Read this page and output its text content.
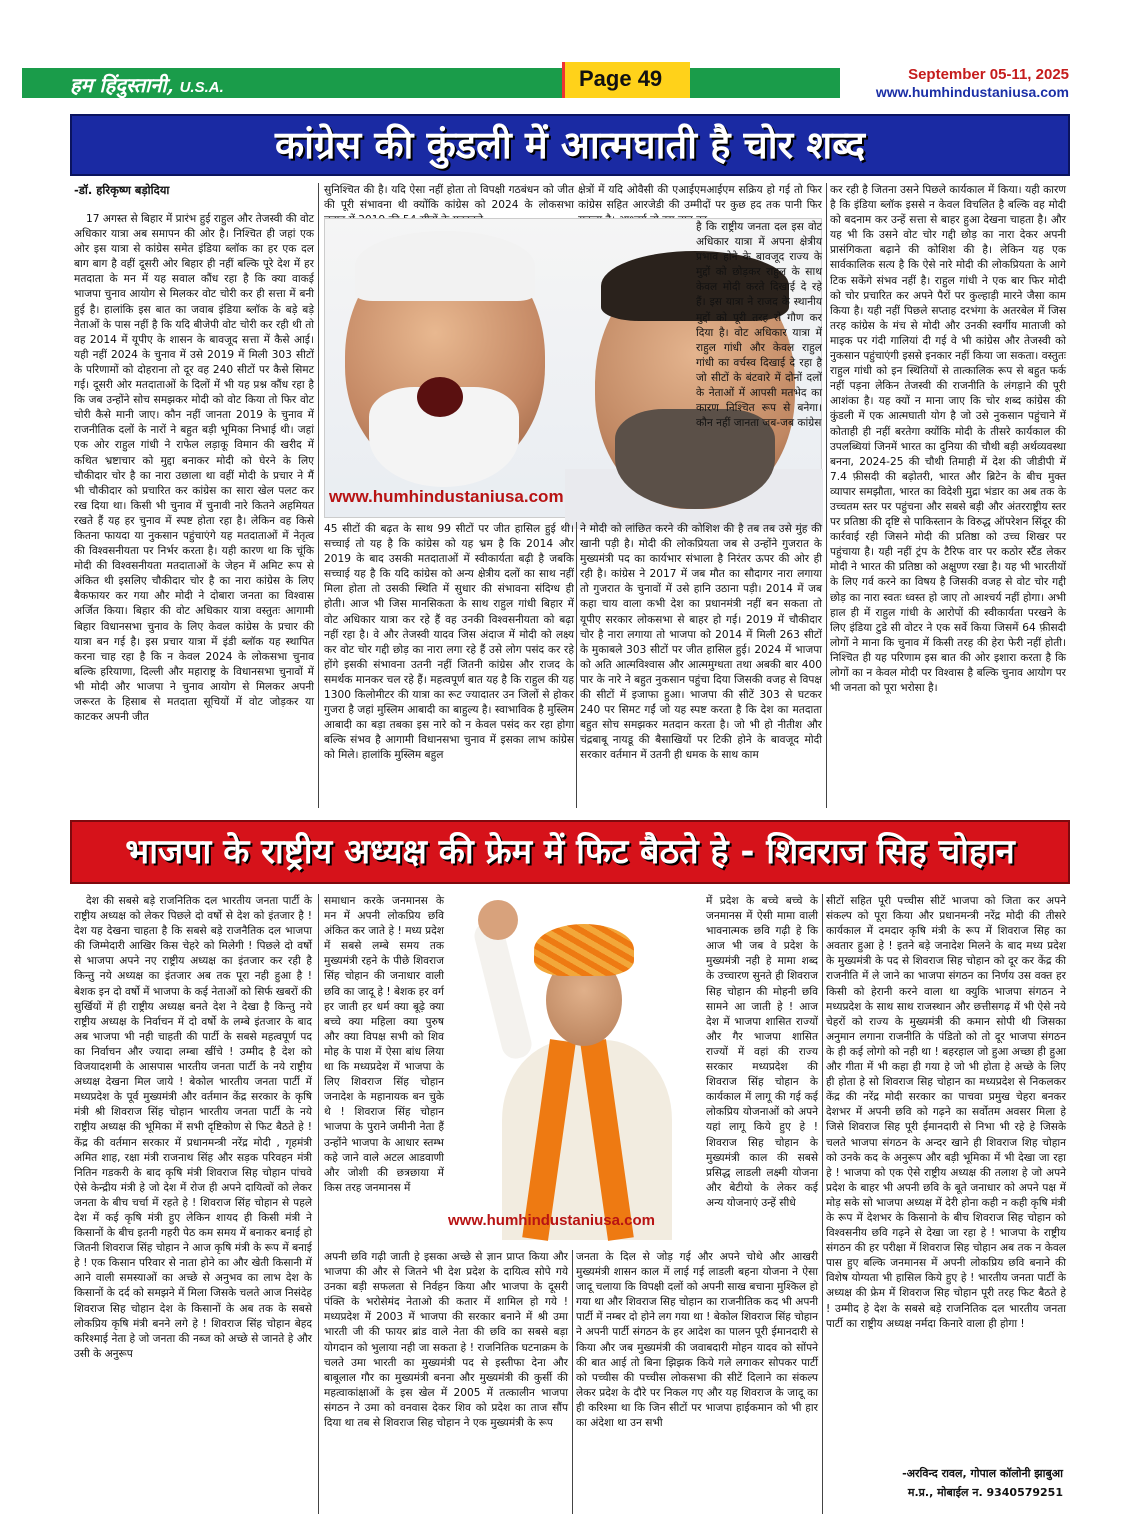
हम हिंदुस्तानी, U.S.A.	Page 49	September 05-11, 2025
www.humhindustaniusa.com
कांग्रेस की कुंडली में आत्मघाती है चोर शब्द
-डॉ. हरिकृष्ण बड़ोदिया

17 अगस्त से बिहार में प्रारंभ हुई राहुल और तेजस्वी की वोट अधिकार यात्रा अब समापन की ओर है। निश्चित ही जहां एक ओर इस यात्रा से कांग्रेस समेत इंडिया ब्लॉक का हर एक दल बाग बाग है वहीं दूसरी ओर बिहार ही नहीं बल्कि पूरे देश में हर मतदाता के मन में यह सवाल कौंध रहा है कि क्या वाकई भाजपा चुनाव आयोग से मिलकर वोट चोरी कर ही सत्ता में बनी हुई है। हालांकि इस बात का जवाब इंडिया ब्लॉक के बड़े बड़े नेताओं के पास नहीं है कि यदि बीजेपी वोट चोरी कर रही थी तो वह 2014 में यूपीए के शासन के बावजूद सत्ता में कैसे आई। यही नहीं 2024 के चुनाव में उसे 2019 में मिली 303 सीटों के परिणामों को दोहराना तो दूर वह 240 सीटों पर कैसे सिमट गई। दूसरी ओर मतदाताओं के दिलों में भी यह प्रश्न कौंध रहा है कि जब उन्होंने सोच समझकर मोदी को वोट किया तो फिर वोट चोरी कैसे मानी जाए। कौन नहीं जानता 2019 के चुनाव में राजनीतिक दलों के नारों ने बहुत बड़ी भूमिका निभाई थी। जहां एक ओर राहुल गांधी ने राफेल लड़ाकू विमान की खरीद में कथित भ्रष्टाचार को मुद्दा बनाकर मोदी को घेरने के लिए चौकीदार चोर है का नारा उछाला था वहीं मोदी के प्रचार ने मैं भी चौकीदार को प्रचारित कर कांग्रेस का सारा खेल पलट कर रख दिया था। किसी भी चुनाव में चुनावी नारे कितने अहमियत रखते हैं यह हर चुनाव में स्पष्ट होता रहा है। लेकिन वह किसे कितना फायदा या नुकसान पहुंचाएंगे यह मतदाताओं में नेतृत्व की विश्वसनीयता पर निर्भर करता है। यही कारण था कि चूंकि मोदी की विश्वसनीयता मतदाताओं के जेहन में अमिट रूप से अंकित थी इसलिए चौकीदार चोर है का नारा कांग्रेस के लिए बैकफायर कर गया और मोदी ने दोबारा जनता का विश्वास अर्जित किया। बिहार की वोट अधिकार यात्रा वस्तुतः आगामी बिहार विधानसभा चुनाव के लिए केवल कांग्रेस के प्रचार की यात्रा बन गई है। इस प्रचार यात्रा में इंडी ब्लॉक यह स्थापित करना चाह रहा है कि न केवल 2024 के लोकसभा चुनाव बल्कि हरियाणा, दिल्ली और महाराष्ट्र के विधानसभा चुनावों में भी मोदी और भाजपा ने चुनाव आयोग से मिलकर अपनी जरूरत के हिसाब से मतदाता सूचियों में वोट जोड़कर या काटकर अपनी जीत

सुनिश्चित की है। यदि ऐसा नहीं होता तो विपक्षी गठबंधन को जीत की पूरी संभावना थी क्योंकि कांग्रेस को 2024 के लोकसभा

क्षेत्रों में यदि ओवैसी की एआईएमआईएम सक्रिय हो गई तो फिर कांग्रेस सहित आरजेडी की उम्मीदों पर कुछ हद तक पानी फिर

www.humhindustaniusa.com

है कि राष्ट्रीय जनता दल इस वोट अधिकार यात्रा में अपना क्षेत्रीय प्रभाव होने के बावजूद राज्य के मुद्दों को छोड़कर राहुल के साथ केवल मोदी करते दिखाई दे रहे हैं। इस यात्रा ने राजद के स्थानीय मुद्दों को पूरी तरह से गौण कर दिया है। वोट अधिकार यात्रा में राहुल गांधी और केवल राहुल गांधी का वर्चस्व दिखाई दे रहा है जो सीटों के बंटवारे में दोनों दलों के नेताओं में आपसी मतभेद का कारण निश्चित रूप से बनेगा। कौन नहीं जानता जब-जब कांग्रेस

45 सीटों की बढ़त के साथ 99 सीटों पर जीत हासिल हुई थी। सच्चाई तो यह है कि कांग्रेस को यह भ्रम है कि 2014 और 2019 के बाद उसकी मतदाताओं में स्वीकार्यता बढ़ी है जबकि सच्चाई यह है कि यदि कांग्रेस को अन्य क्षेत्रीय दलों का साथ नहीं मिला होता तो उसकी स्थिति में सुधार की संभावना संदिग्ध ही होती। आज भी जिस मानसिकता के साथ राहुल गांधी बिहार में वोट अधिकार यात्रा कर रहे हैं वह उनकी विश्वसनीयता को बढ़ा नहीं रहा है। वे और तेजस्वी यादव जिस अंदाज में मोदी को लक्ष्य कर वोट चोर गद्दी छोड़ का नारा लगा रहे हैं उसे लोग पसंद कर रहे होंगे इसकी संभावना उतनी नहीं जितनी कांग्रेस और राजद के समर्थक मानकर चल रहे हैं। महत्वपूर्ण बात यह है कि राहुल की यह 1300 किलोमीटर की यात्रा का रूट ज्यादातर उन जिलों से होकर गुजरा है जहां मुस्लिम आबादी का बाहुल्य है। स्वाभाविक है मुस्लिम आबादी का बड़ा तबका इस नारे को न केवल पसंद कर रहा होगा बल्कि संभव है आगामी विधानसभा चुनाव में इसका लाभ कांग्रेस को मिले। हालांकि मुस्लिम बहुल

ने मोदी को लांछित करने की कोशिश की है तब तब उसे मुंह की खानी पड़ी है। मोदी की लोकप्रियता जब से उन्होंने गुजरात के मुख्यमंत्री पद का कार्यभार संभाला है निरंतर ऊपर की ओर ही रही है। कांग्रेस ने 2017 में जब मौत का सौदागर नारा लगाया तो गुजरात के चुनावों में उसे हानि उठाना पड़ी। 2014 में जब कहा चाय वाला कभी देश का प्रधानमंत्री नहीं बन सकता तो यूपीए सरकार लोकसभा से बाहर हो गई। 2019 में चौकीदार चोर है नारा लगाया तो भाजपा को 2014 में मिली 263 सीटों के मुकाबले 303 सीटों पर जीत हासिल हुई। 2024 में भाजपा को अति आत्मविश्वास और आत्ममुग्धता तथा अबकी बार 400 पार के नारे ने बहुत नुकसान पहुंचा दिया जिसकी वजह से विपक्ष की सीटों में इजाफा हुआ। भाजपा की सीटें 303 से घटकर 240 पर सिमट गईं जो यह स्पष्ट करता है कि देश का मतदाता बहुत सोच समझकर मतदान करता है। जो भी हो नीतीश और चंद्रबाबू नायडू की बैसाखियों पर टिकी होने के बावजूद मोदी सरकार वर्तमान में उतनी ही धमक के साथ काम

कर रही है जितना उसने पिछले कार्यकाल में किया। यही कारण है कि इंडिया ब्लॉक इससे न केवल विचलित है बल्कि वह मोदी को बदनाम कर उन्हें सत्ता से बाहर हुआ देखना चाहता है। और यह भी कि उसने वोट चोर गद्दी छोड़ का नारा देकर अपनी प्रासंगिकता बढ़ाने की कोशिश की है। लेकिन यह एक सार्वकालिक सत्य है कि ऐसे नारे मोदी की लोकप्रियता के आगे टिक सकेंगे संभव नहीं है। राहुल गांधी ने एक बार फिर मोदी को चोर प्रचारित कर अपने पैरों पर कुल्हाड़ी मारने जैसा काम किया है। यही नहीं पिछले सप्ताह दरभंगा के अतरबेल में जिस तरह कांग्रेस के मंच से मोदी और उनकी स्वर्गीय माताजी को माइक पर गंदी गालियां दी गई वे भी कांग्रेस और तेजस्वी को नुकसान पहुंचाएंगी इससे इनकार नहीं किया जा सकता। वस्तुतः राहुल गांधी को इन स्थितियों से तात्कालिक रूप से बहुत फर्क नहीं पड़ना लेकिन तेजस्वी की राजनीति के लंगड़ाने की पूरी आशंका है। यह क्यों न माना जाए कि चोर शब्द कांग्रेस की कुंडली में एक आत्मघाती योग है जो उसे नुकसान पहुंचाने में कोताही ही नहीं बरतेगा क्योंकि मोदी के तीसरे कार्यकाल की उपलब्धियां जिनमें भारत का दुनिया की चौथी बड़ी अर्थव्यवस्था बनना, 2024-25 की चौथी तिमाही में देश की जीडीपी में 7.4 फ़ीसदी की बढ़ोतरी, भारत और ब्रिटेन के बीच मुक्त व्यापार समझौता, भारत का विदेशी मुद्रा भंडार का अब तक के उच्चतम स्तर पर पहुंचना और सबसे बड़ी और अंतरराष्ट्रीय स्तर पर प्रतिष्ठा की दृष्टि से पाकिस्तान के विरुद्ध ऑपरेशन सिंदूर की कार्रवाई रही जिसने मोदी की प्रतिष्ठा को उच्च शिखर पर पहुंचाया है। यही नहीं ट्रंप के टैरिफ वार पर कठोर स्टैंड लेकर मोदी ने भारत की प्रतिष्ठा को अक्षुण्ण रखा है। यह भी भारतीयों के लिए गर्व करने का विषय है जिसकी वजह से वोट चोर गद्दी छोड़ का नारा स्वतः ध्वस्त हो जाए तो आश्चर्य नहीं होगा। अभी हाल ही में राहुल गांधी के आरोपों की स्वीकार्यता परखने के लिए इंडिया टुडे सी वोटर ने एक सर्वे किया जिसमें 64 फ़ीसदी लोगों ने माना कि चुनाव में किसी तरह की हेरा फेरी नहीं होती। निश्चित ही यह परिणाम इस बात की ओर इशारा करता है कि लोगों का न केवल मोदी पर विश्वास है बल्कि चुनाव आयोग पर भी जनता को पूरा भरोसा है।

भाजपा के राष्ट्रीय अध्यक्ष की फ्रेम में फिट बैठते हे - शिवराज सिह चोहान

देश की सबसे बड़े राजनितिक दल भारतीय जनता पार्टी के राष्ट्रीय अध्यक्ष को लेकर पिछले दो वर्षो से देश को इंतजार है ! देश यह देखना चाहता है कि सबसे बड़े राजनैतिक दल भाजपा की जिम्मेदारी आखिर किस चेहरे को मिलेगी ! पिछले दो वर्षो से भाजपा अपने नए राष्ट्रीय अध्यक्ष का इंतजार कर रही है किन्तु नये अध्यक्ष का इंतजार अब तक पूरा नही हुआ है ! बेशक इन दो वर्षो में भाजपा के कई नेताओं को सिर्फ खबरों की सुर्खियों में ही राष्ट्रीय अध्यक्ष बनते देश ने देखा है किन्तु नये राष्ट्रीय अध्यक्ष के निर्वाचन में दो वर्षो के लम्बे इंतजार के बाद अब भाजपा भी नही चाहती की पार्टी के सबसे महत्वपूर्ण पद का निर्वाचन और ज्यादा लम्बा खींचे ! उम्मीद है देश को विजयादशमी के आसपास भारतीय जनता पार्टी के नये राष्ट्रीय अध्यक्ष देखना मिल जाये ! बेकोल भारतीय जनता पार्टी में मध्यप्रदेश के पूर्व मुख्यमंत्री और वर्तमान केंद्र सरकार के कृषि मंत्री श्री शिवराज सिंह चोहान भारतीय जनता पार्टी के नये राष्ट्रीय अध्यक्ष की भूमिका में सभी दृष्टिकोण से फिट बैठते हे ! केंद्र की वर्तमान सरकार में प्रधानमन्त्री नरेंद्र मोदी , गृहमंत्री अमित शाह, रक्षा मंत्री राजनाथ सिंह और सड़क परिवहन मंत्री नितिन गडकरी के बाद कृषि मंत्री शिवराज सिह चोहान पांचवे ऐसे केन्द्रीय मंत्री हे जो देश में रोज ही अपने दायित्वों को लेकर जनता के बीच चर्चा में रहते हे ! शिवराज सिंह चोहान से पहले देश में कई कृषि मंत्री हुए लेकिन शायद ही किसी मंत्री ने किसानों के बीच इतनी गहरी पेठ कम समय में बनाकर बनाई हो जितनी शिवराज सिंह चोहान ने आज कृषि मंत्री के रूप में बनाई हे ! एक किसान परिवार से नाता होने का और खेती किसानी में आने वाली समस्याओं का अच्छे से अनुभव का लाभ देश के किसानों के दर्द को समझने में मिला जिसके चलते आज निसंदेह शिवराज सिह चोहान देश के किसानों के अब तक के सबसे लोकप्रिय कृषि मंत्री बनने लगे हे ! शिवराज सिंह चोहान बेहद करिश्माई नेता हे जो जनता की नब्ज को अच्छे से जानते हे और उसी के अनुरूप

समाधान करके जनमानस के मन में अपनी लोकप्रिय छवि अंकित कर जाते हे ! मध्य प्रदेश में सबसे लम्बे समय तक मुख्यमंत्री रहने के पीछे शिवराज सिंह चोहान की जनाधार वाली छवि का जादू हे ! बेशक हर वर्ग हर जाती हर धर्म क्या बूढ़े क्या बच्चे क्या महिला क्या पुरुष और क्या विपक्ष सभी को शिव मोह के पाश में ऐसा बांध लिया था कि मध्यप्रदेश में भाजपा के लिए शिवराज सिंह चोहान जनादेश के महानायक बन चुके थे ! शिवराज सिंह चोहान भाजपा के पुराने जमीनी नेता हैं उन्होंने भाजपा के आधार स्तम्भ कहे जाने वाले अटल आडवाणी और जोशी की छत्रछाया में किस तरह जनमानस में

www.humhindustaniusa.com

में प्रदेश के बच्चे बच्चे के जनमानस में ऐसी मामा वाली भावनात्मक छवि गढ़ी हे कि आज भी जब वे प्रदेश के मुख्यमंत्री नही हे मामा शब्द के उच्चारण सुनते ही शिवराज सिह चोहान की मोहनी छवि सामने आ जाती हे ! आज देश में भाजपा शासित राज्यों और गैर भाजपा शासित राज्यों में वहां की राज्य सरकार मध्यप्रदेश की शिवराज सिंह चोहान के कार्यकाल में लागू की गई कई लोकप्रिय योजनाओं को अपने यहां लागू किये हुए हे ! शिवराज सिह चोहान के मुख्यमंत्री काल की सबसे प्रसिद्ध लाडली लक्ष्मी योजना और बेटीयो के लेकर कई अन्य योजनाएं उन्हें सीधे

अपनी छवि गढ़ी जाती हे इसका अच्छे से ज्ञान प्राप्त किया और भाजपा की और से जितने भी देश प्रदेश के दायित्व सोपे गये उनका बड़ी सफलता से निर्वहन किया और भाजपा के दूसरी पंक्ति के भरोसेमंद नेताओ की कतार में शामिल हो गये ! मध्यप्रदेश में 2003 में भाजपा की सरकार बनाने में श्री उमा भारती जी की फायर ब्रांड वाले नेता की छवि का सबसे बड़ा योगदान को भुलाया नही जा सकता हे ! राजनितिक घटनाक्रम के चलते उमा भारती का मुख्यमंत्री पद से इस्तीफा देना और बाबूलाल गौर का मुख्यमंत्री बनना और मुख्यमंत्री की कुर्सी की महत्वाकांक्षाओं के इस खेल में 2005 में तत्कालीन भाजपा संगठन ने उमा को वनवास देकर शिव को प्रदेश का ताज सौंप दिया था तब से शिवराज सिह चोहान ने एक मुख्यमंत्री के रूप

जनता के दिल से जोड़ गई और अपने चोथे और आखरी मुख्यमंत्री शासन काल में लाई गई लाडली बहना योजना ने ऐसा जादू चलाया कि विपक्षी दलों को अपनी साख बचाना मुश्किल हो गया था और शिवराज सिह चोहान का राजनीतिक कद भी अपनी पार्टी में नम्बर दो होने लग गया था ! बेकोल शिवराज सिंह चोहान ने अपनी पार्टी संगठन के हर आदेश का पालन पूरी ईमानदारी से किया और जब मुख्यमंत्री की जवाबदारी मोहन यादव को सोंपने की बात आई तो बिना झिझक किये गले लगाकर सोपकर पार्टी को पच्चीस की पच्चीस लोकसभा की सीटें दिलाने का संकल्प लेकर प्रदेश के दौरे पर निकल गए और यह शिवराज के जादू का ही करिश्मा था कि जिन सीटों पर भाजपा हाईकमान को भी हार का अंदेशा था उन सभी

सीटों सहित पूरी पच्चीस सीटें भाजपा को जिता कर अपने संकल्प को पूरा किया और प्रधानमन्त्री नरेंद्र मोदी की तीसरे कार्यकाल में दमदार कृषि मंत्री के रूप में शिवराज सिह का अवतार हुआ हे ! इतने बड़े जनादेश मिलने के बाद मध्य प्रदेश के मुख्यमंत्री के पद से शिवराज सिह चोहान को दूर कर केंद्र की राजनीति में ले जाने का भाजपा संगठन का निर्णय उस वक्त हर किसी को हेरानी करने वाला था क्युकि भाजपा संगठन ने मध्यप्रदेश के साथ साथ राजस्थान और छत्तीसगढ़ में भी ऐसे नये चेहरों को राज्य के मुख्यमंत्री की कमान सोपी थी जिसका अनुमान लगाना राजनीति के पंडितो को तो दूर भाजपा संगठन के ही कई लोगो को नही था ! बहरहाल जो हुआ अच्छा ही हुआ और गीता में भी कहा ही गया हे जो भी होता हे अच्छे के लिए ही होता हे सो शिवराज सिह चोहान का मध्यप्रदेश से निकलकर केंद्र की नरेंद्र मोदी सरकार का पाचवा प्रमुख चेहरा बनकर देशभर में अपनी छवि को गढ़ने का सर्वोतम अवसर मिला हे जिसे शिवराज सिह पूरी ईमानदारी से निभा भी रहे हे जिसके चलते भाजपा संगठन के अन्दर खाने ही शिवराज शिह चोहान को उनके कद के अनुरूप और बड़ी भूमिका में भी देखा जा रहा हे ! भाजपा को एक ऐसे राष्ट्रीय अध्यक्ष की तलाश हे जो अपने प्रदेश के बाहर भी अपनी छवि के बूते जनाधार को अपने पक्ष में मोड़ सके सो भाजपा अध्यक्ष में देरी होना कही न कही कृषि मंत्री के रूप में देशभर के किसानो के बीच शिवराज सिह चोहान को विश्वसनीय छवि गढ़ने से देखा जा रहा हे ! भाजपा के राष्ट्रीय संगठन की हर परीक्षा में शिवराज सिह चोहान अब तक न केवल पास हुए बल्कि जनमानस में अपनी लोकप्रिय छवि बनाने की विशेष योग्यता भी हासिल किये हुए हे ! भारतीय जनता पार्टी के अध्यक्ष की फ्रेम में शिवराज सिह चोहान पूरी तरह फिट बैठते हे ! उम्मीद हे देश के सबसे बड़े राजनितिक दल भारतीय जनता पार्टी का राष्ट्रीय अध्यक्ष नर्मदा किनारे वाला ही होगा !

-अरविन्द रावल, गोपाल कॉलोनी झाबुआ
म.प्र., मोबाईल न. 9340579251
